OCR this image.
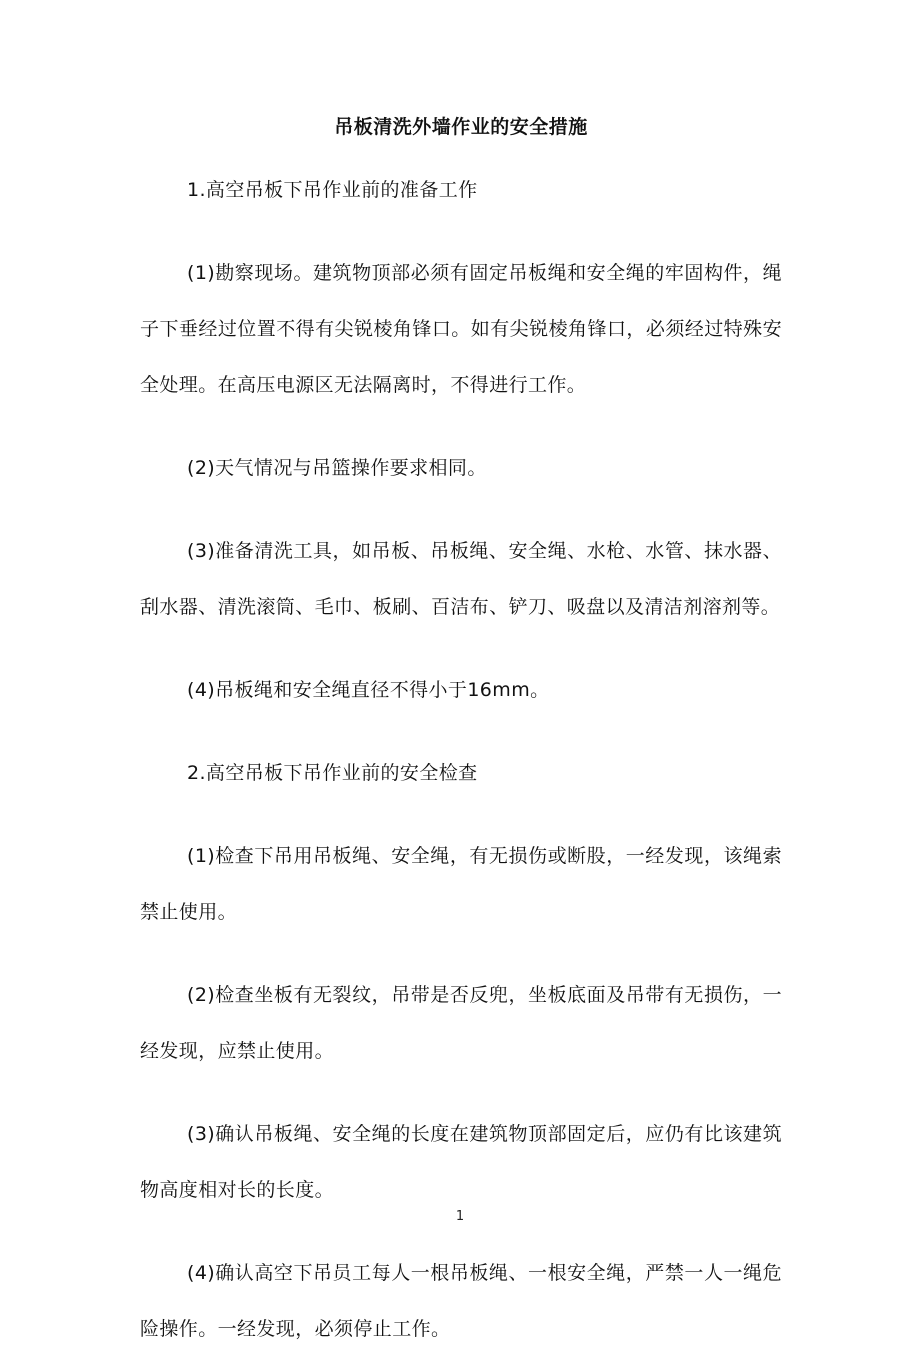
吊板清洗外墙作业的安全措施

1.高空吊板下吊作业前的准备工作

(1)勘察现场。建筑物顶部必须有固定吊板绳和安全绳的牢固构件，绳子下垂经过位置不得有尖锐棱角锋口。如有尖锐棱角锋口，必须经过特殊安全处理。在高压电源区无法隔离时，不得进行工作。

(2)天气情况与吊篮操作要求相同。

(3)准备清洗工具，如吊板、吊板绳、安全绳、水枪、水管、抹水器、刮水器、清洗滚筒、毛巾、板刷、百洁布、铲刀、吸盘以及清洁剂溶剂等。

(4)吊板绳和安全绳直径不得小于16mm。

2.高空吊板下吊作业前的安全检查

(1)检查下吊用吊板绳、安全绳，有无损伤或断股，一经发现，该绳索禁止使用。

(2)检查坐板有无裂纹，吊带是否反兜，坐板底面及吊带有无损伤，一经发现，应禁止使用。

(3)确认吊板绳、安全绳的长度在建筑物顶部固定后，应仍有比该建筑物高度相对长的长度。

(4)确认高空下吊员工每人一根吊板绳、一根安全绳，严禁一人一绳危险操作。一经发现，必须停止工作。

1
